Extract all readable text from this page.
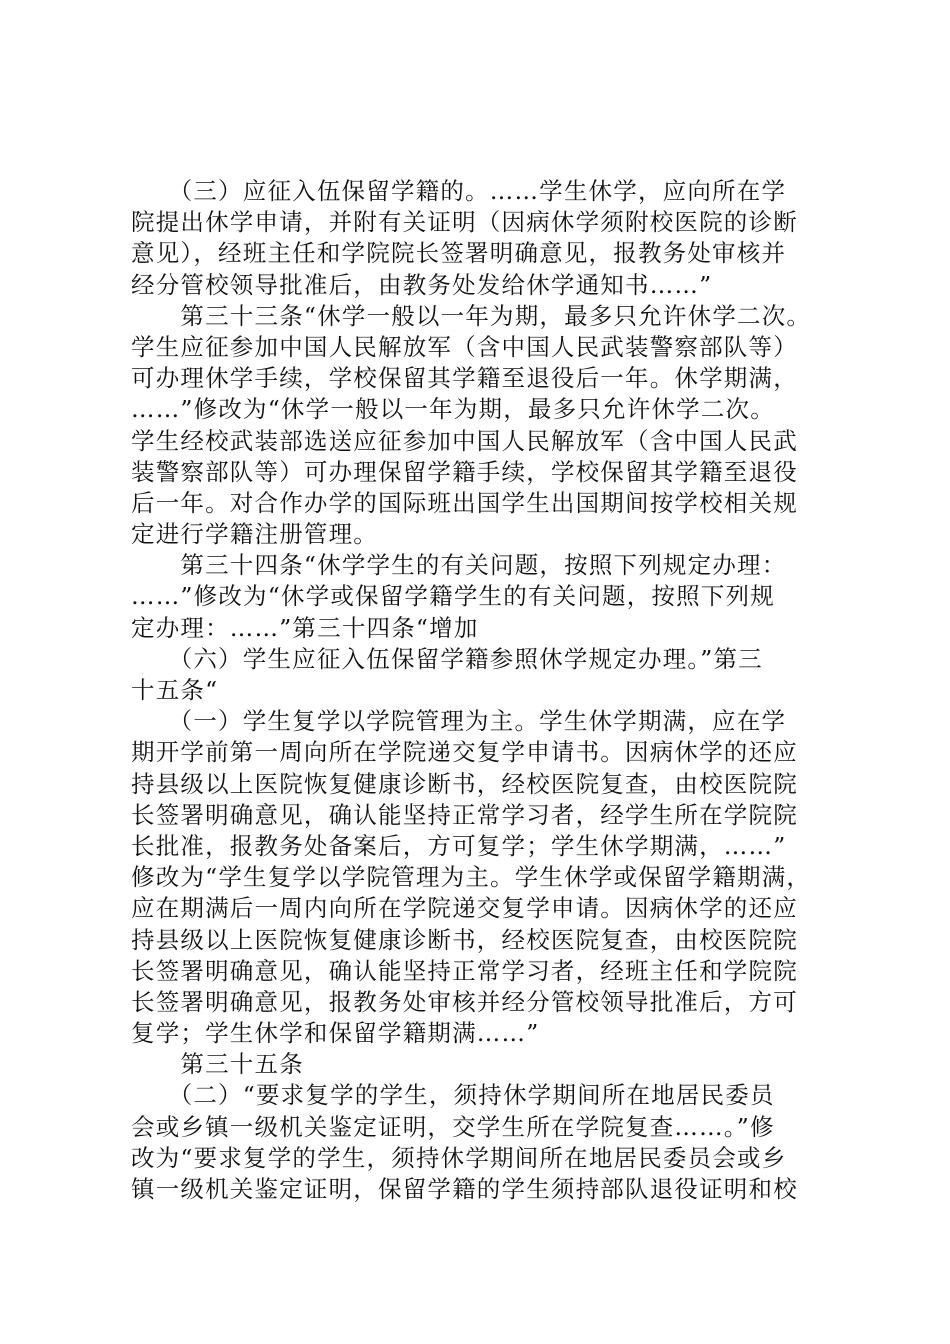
　　（三）应征入伍保留学籍的。……学生休学，应向所在学
院提出休学申请，并附有关证明（因病休学须附校医院的诊断
意见），经班主任和学院院长签署明确意见，报教务处审核并
经分管校领导批准后，由教务处发给休学通知书……”
　　第三十三条“休学一般以一年为期，最多只允许休学二次。
学生应征参加中国人民解放军（含中国人民武装警察部队等）
可办理休学手续，学校保留其学籍至退役后一年。休学期满，
……”修改为“休学一般以一年为期，最多只允许休学二次。
学生经校武装部选送应征参加中国人民解放军（含中国人民武
装警察部队等）可办理保留学籍手续，学校保留其学籍至退役
后一年。对合作办学的国际班出国学生出国期间按学校相关规
定进行学籍注册管理。
　　第三十四条“休学学生的有关问题，按照下列规定办理：
……”修改为“休学或保留学籍学生的有关问题，按照下列规
定办理：……”第三十四条“增加
　　（六）学生应征入伍保留学籍参照休学规定办理。”第三
十五条“
　　（一）学生复学以学院管理为主。学生休学期满，应在学
期开学前第一周向所在学院递交复学申请书。因病休学的还应
持县级以上医院恢复健康诊断书，经校医院复查，由校医院院
长签署明确意见，确认能坚持正常学习者，经学生所在学院院
长批准，报教务处备案后，方可复学；学生休学期满，……”
修改为“学生复学以学院管理为主。学生休学或保留学籍期满，
应在期满后一周内向所在学院递交复学申请。因病休学的还应
持县级以上医院恢复健康诊断书，经校医院复查，由校医院院
长签署明确意见，确认能坚持正常学习者，经班主任和学院院
长签署明确意见，报教务处审核并经分管校领导批准后，方可
复学；学生休学和保留学籍期满……”
　　第三十五条
　　（二）“要求复学的学生，须持休学期间所在地居民委员
会或乡镇一级机关鉴定证明，交学生所在学院复查……。”修
改为“要求复学的学生，须持休学期间所在地居民委员会或乡
镇一级机关鉴定证明，保留学籍的学生须持部队退役证明和校
